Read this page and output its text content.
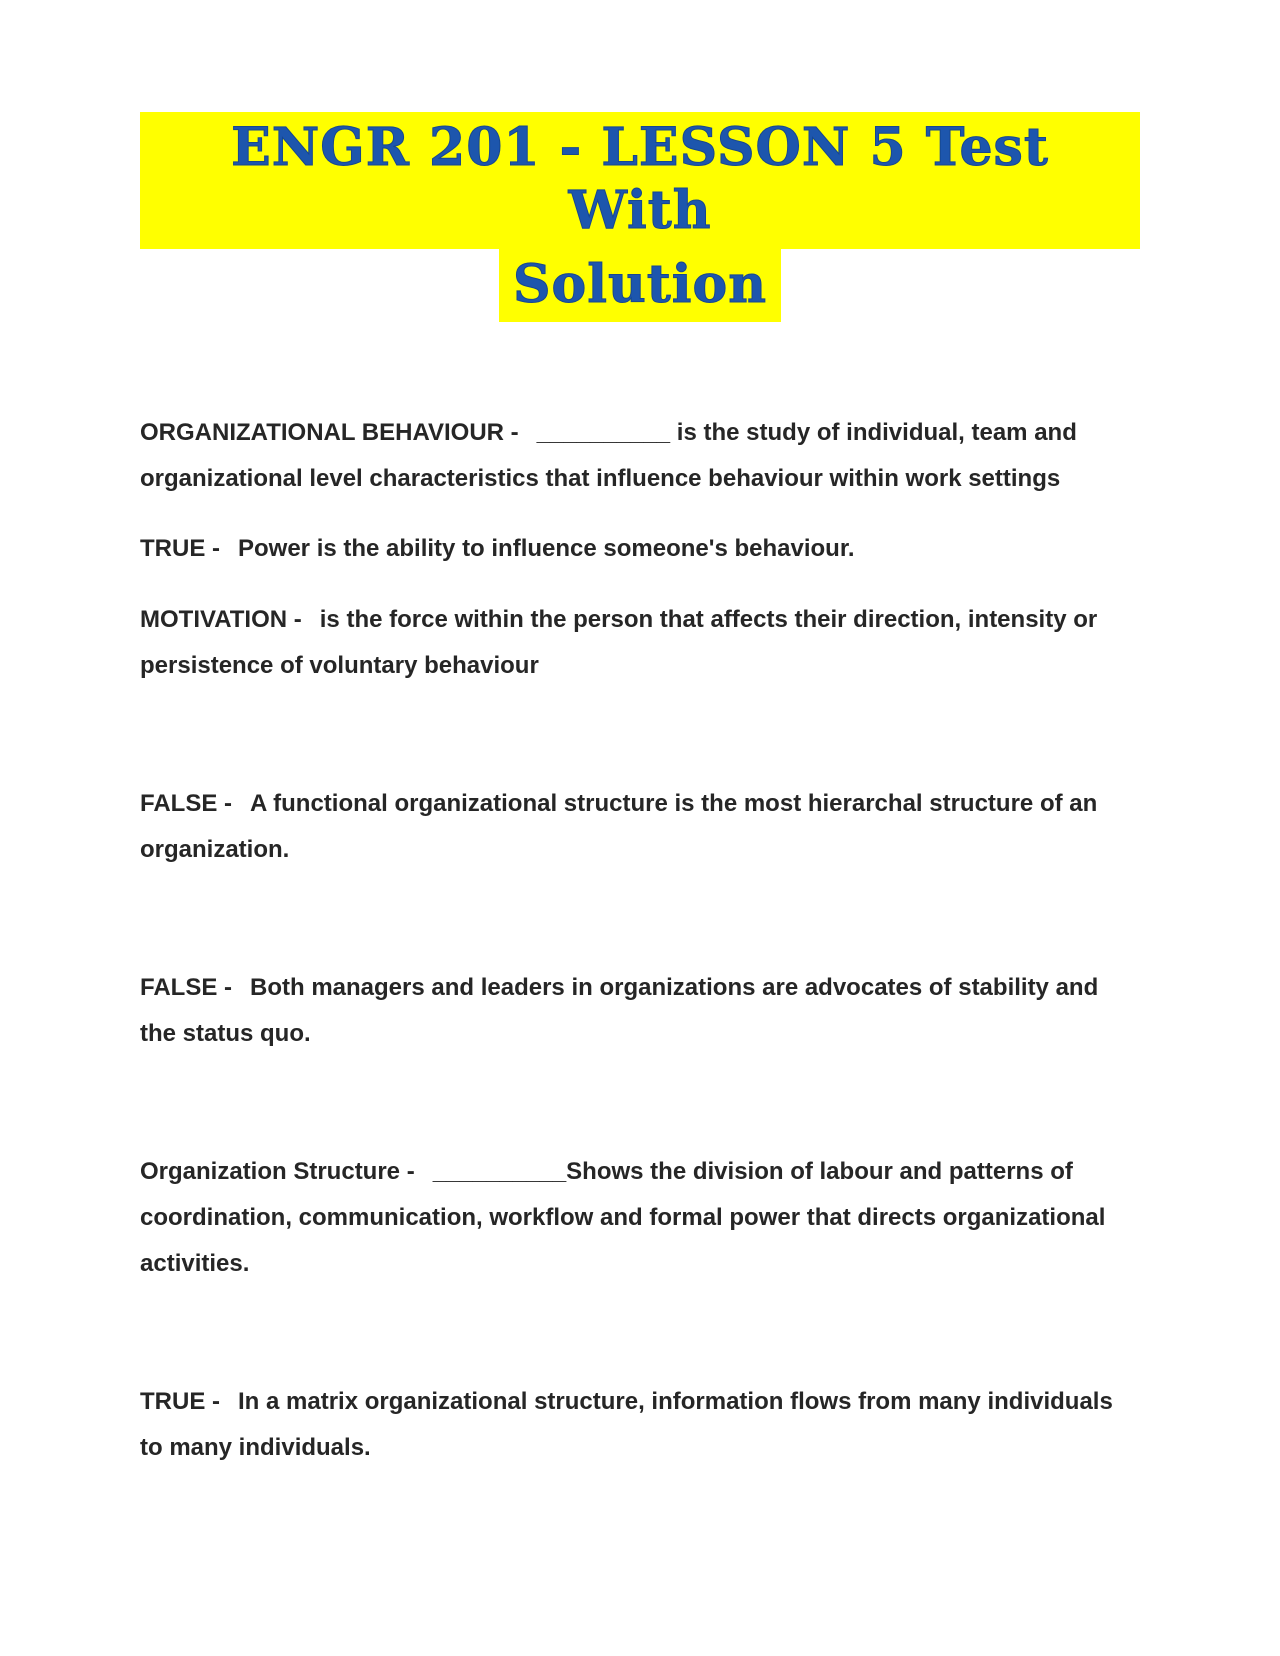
ENGR 201 - LESSON 5 Test With
Solution

ORGANIZATIONAL BEHAVIOUR - __________ is the study of individual, team and organizational level characteristics that influence behaviour within work settings

TRUE - Power is the ability to influence someone's behaviour.

MOTIVATION - is the force within the person that affects their direction, intensity or persistence of voluntary behaviour

FALSE - A functional organizational structure is the most hierarchal structure of an organization.

FALSE - Both managers and leaders in organizations are advocates of stability and the status quo.

Organization Structure - __________Shows the division of labour and patterns of coordination, communication, workflow and formal power that directs organizational activities.

TRUE - In a matrix organizational structure, information flows from many individuals to many individuals.
